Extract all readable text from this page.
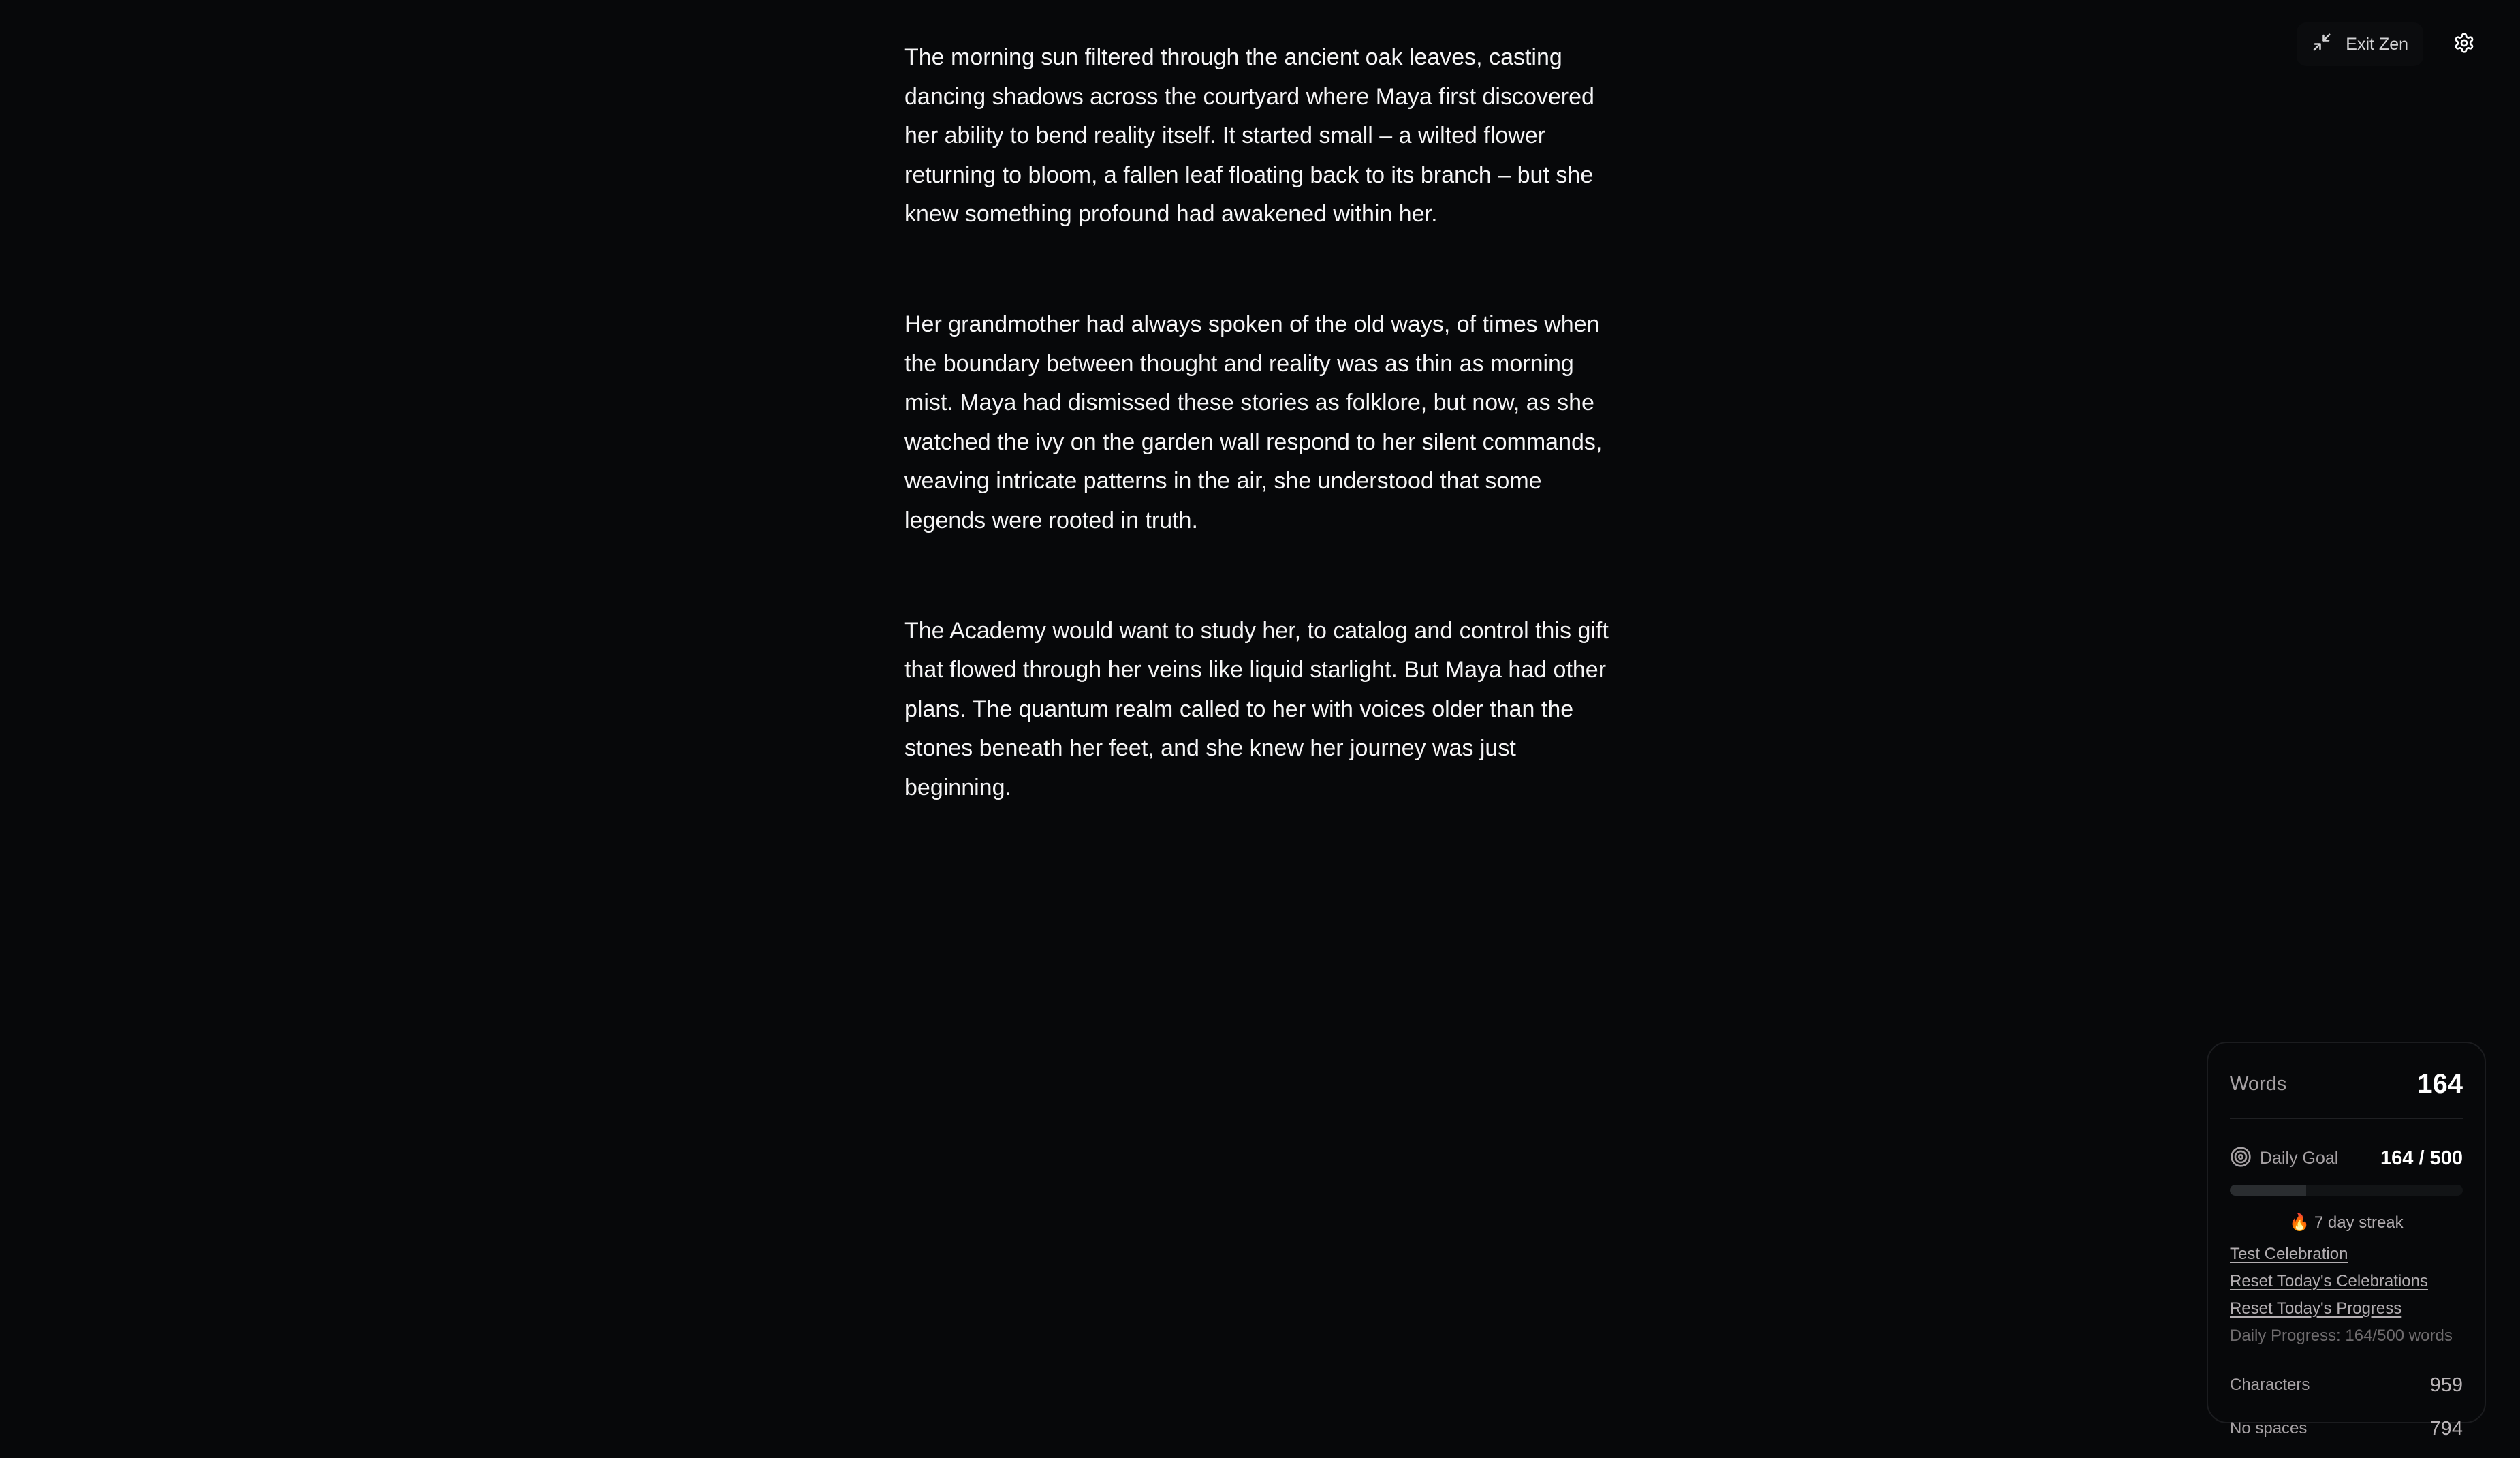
Exit Zen

The morning sun filtered through the ancient oak leaves, casting dancing shadows across the courtyard where Maya first discovered her ability to bend reality itself. It started small – a wilted flower returning to bloom, a fallen leaf floating back to its branch – but she knew something profound had awakened within her.

Her grandmother had always spoken of the old ways, of times when the boundary between thought and reality was as thin as morning mist. Maya had dismissed these stories as folklore, but now, as she watched the ivy on the garden wall respond to her silent commands, weaving intricate patterns in the air, she understood that some legends were rooted in truth.

The Academy would want to study her, to catalog and control this gift that flowed through her veins like liquid starlight. But Maya had other plans. The quantum realm called to her with voices older than the stones beneath her feet, and she knew her journey was just beginning.

Words	164
Daily Goal 164 / 500
🔥 7 day streak
Test Celebration
Reset Today's Celebrations
Reset Today's Progress
Daily Progress: 164/500 words
Characters	959
No spaces	794
